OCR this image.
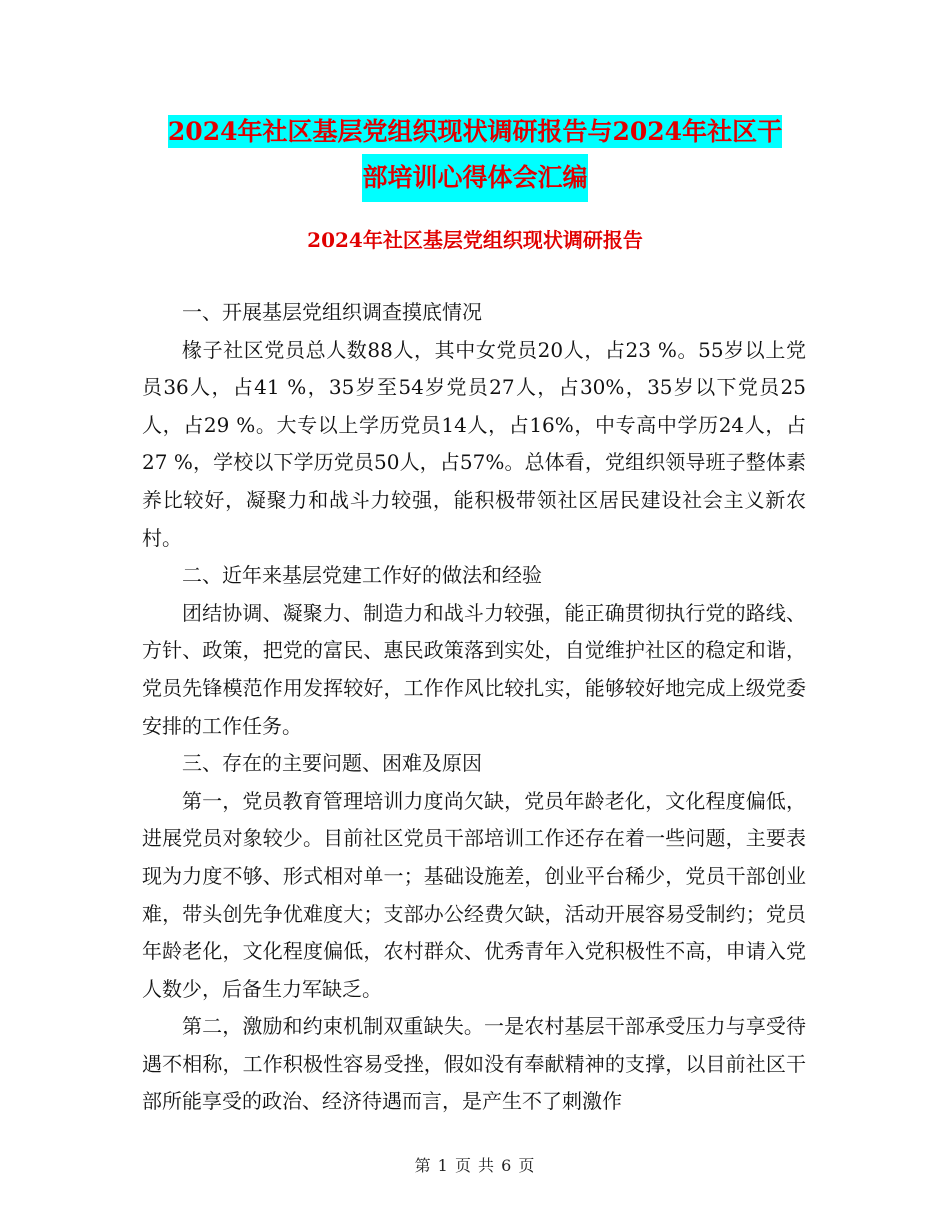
2024年社区基层党组织现状调研报告与2024年社区干
部培训心得体会汇编
2024年社区基层党组织现状调研报告

一、开展基层党组织调查摸底情况

椽子社区党员总人数88人，其中女党员20人，占23 %。55岁以上党员36人，占41 %，35岁至54岁党员27人，占30%，35岁以下党员25人，占29 %。大专以上学历党员14人，占16%，中专高中学历24人，占27 %，学校以下学历党员50人，占57%。总体看，党组织领导班子整体素养比较好，凝聚力和战斗力较强，能积极带领社区居民建设社会主义新农村。

二、近年来基层党建工作好的做法和经验

团结协调、凝聚力、制造力和战斗力较强，能正确贯彻执行党的路线、方针、政策，把党的富民、惠民政策落到实处，自觉维护社区的稳定和谐，党员先锋模范作用发挥较好，工作作风比较扎实，能够较好地完成上级党委安排的工作任务。

三、存在的主要问题、困难及原因

第一，党员教育管理培训力度尚欠缺，党员年龄老化，文化程度偏低，进展党员对象较少。目前社区党员干部培训工作还存在着一些问题，主要表现为力度不够、形式相对单一；基础设施差，创业平台稀少，党员干部创业难，带头创先争优难度大；支部办公经费欠缺，活动开展容易受制约；党员年龄老化，文化程度偏低，农村群众、优秀青年入党积极性不高，申请入党人数少，后备生力军缺乏。

第二，激励和约束机制双重缺失。一是农村基层干部承受压力与享受待遇不相称，工作积极性容易受挫，假如没有奉献精神的支撑，以目前社区干部所能享受的政治、经济待遇而言，是产生不了刺激作

第 1 页 共 6 页
